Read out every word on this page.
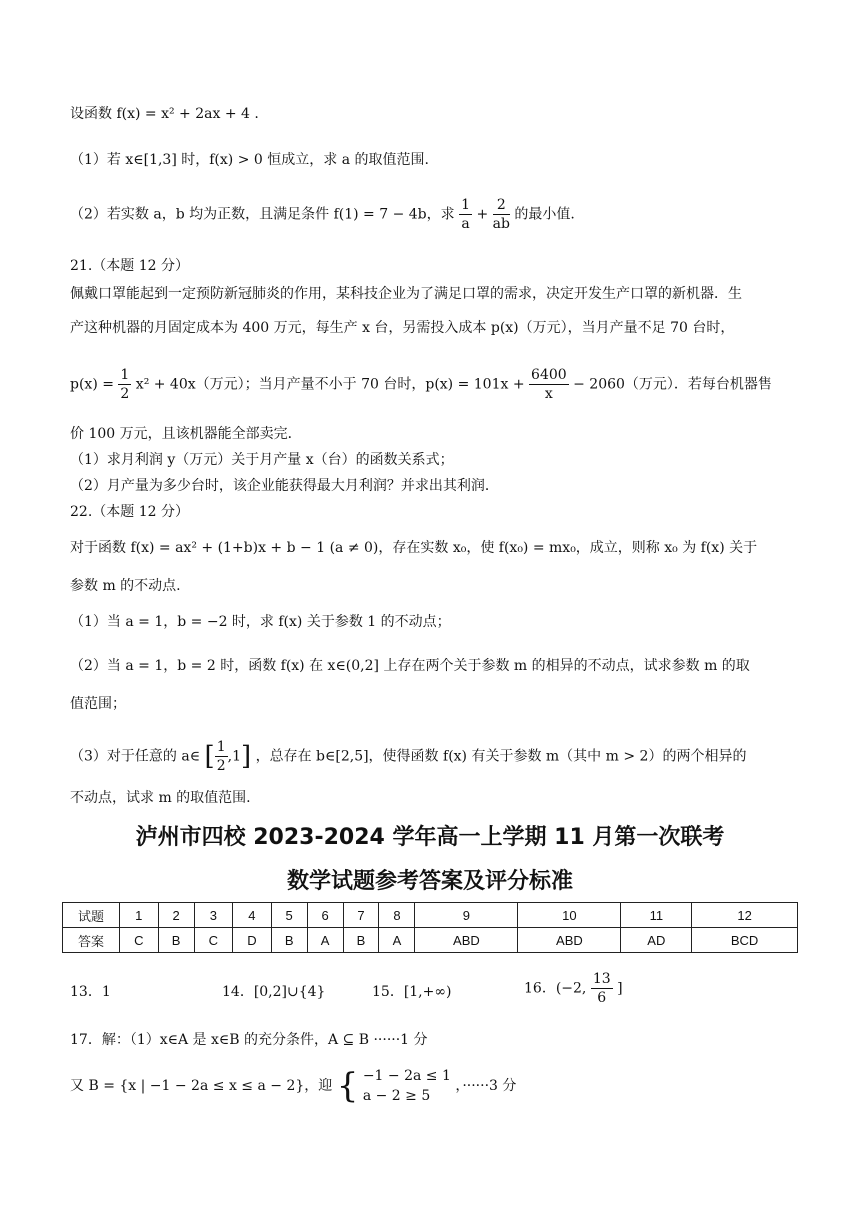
设函数 f(x) = x² + 2ax + 4 .
（1）若 x∈[1,3] 时，f(x) > 0 恒成立，求 a 的取值范围.
（2）若实数 a，b 均为正数，且满足条件 f(1) = 7 − 4b，求 $\frac{1}{a} + \frac{2}{ab}$ 的最小值.
21.（本题 12 分）
佩戴口罩能起到一定预防新冠肺炎的作用，某科技企业为了满足口罩的需求，决定开发生产口罩的新机器．生
产这种机器的月固定成本为 400 万元，每生产 x 台，另需投入成本 p(x)（万元），当月产量不足 70 台时，
$p(x) = \frac{1}{2} x^2 + 40x$（万元）；当月产量不小于 70 台时，$p(x) = 101x + \frac{6400}{x} - 2060$（万元）．若每台机器售
价 100 万元，且该机器能全部卖完．
（1）求月利润 y（万元）关于月产量 x（台）的函数关系式；
（2）月产量为多少台时，该企业能获得最大月利润？并求出其利润．
22.（本题 12 分）
对于函数 f(x) = ax² + (1+b)x + b − 1 (a ≠ 0)，存在实数 x₀，使 f(x₀) = mx₀，成立，则称 x₀ 为 f(x) 关于
参数 m 的不动点.
（1）当 a = 1，b = −2 时，求 f(x) 关于参数 1 的不动点；
（2）当 a = 1，b = 2 时，函数 f(x) 在 x∈(0,2] 上存在两个关于参数 m 的相异的不动点，试求参数 m 的取
值范围；
（3）对于任意的 a∈ [ $\frac{1}{2} ,1$] ，总存在 b∈[2,5]，使得函数 f(x) 有关于参数 m（其中 m > 2）的两个相异的
不动点，试求 m 的取值范围.
泸州市四校 2023-2024 学年高一上学期 11 月第一次联考
数学试题参考答案及评分标准
试题	1	2	3	4	5	6	7	8	9	10	11	12
答案	C	B	C	D	B	A	B	A	ABD	ABD	AD	BCD
13．1	14．[0,2]∪{4}	15．[1,+∞)	16．(−2, $\frac{13}{6}$ ]
17．解：（1）x∈A 是 x∈B 的充分条件，A ⊆ B ······1 分
又 B = {x | −1 − 2a ≤ x ≤ a − 2}，迎 { −1 − 2a ≤ 1
a − 2 ≥ 5
，······3 分
